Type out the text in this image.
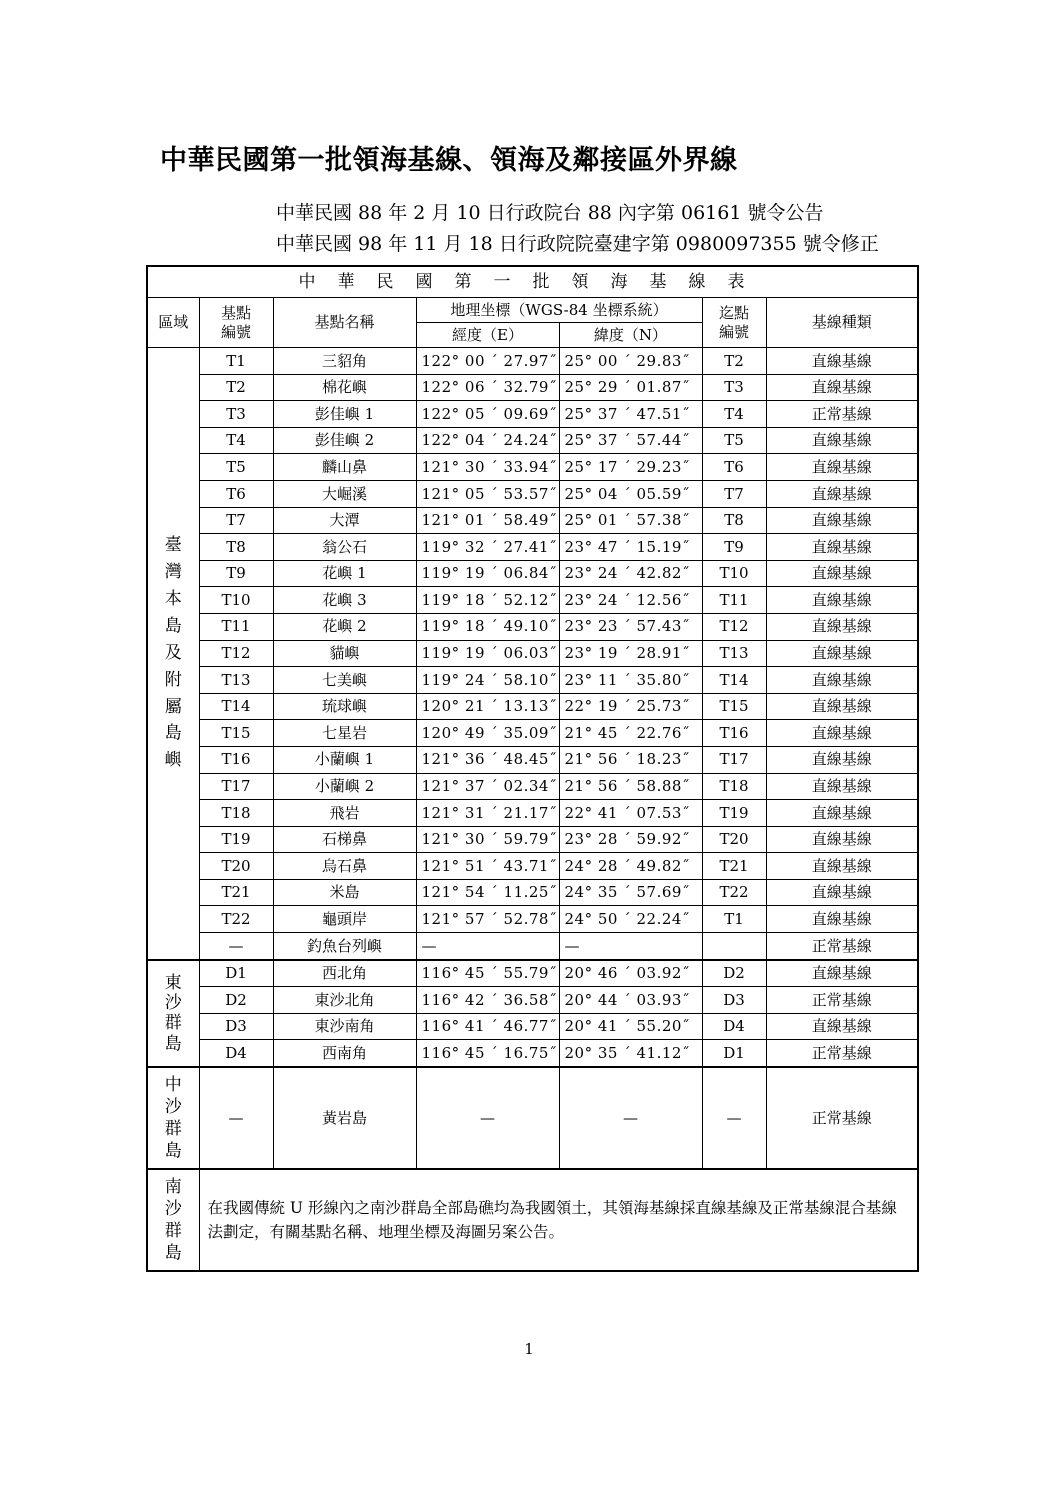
中華民國第一批領海基線、領海及鄰接區外界線
中華民國 88 年 2 月 10 日行政院台 88 內字第 06161 號令公告
中華民國 98 年 11 月 18 日行政院院臺建字第 0980097355 號令修正
中華民國第一批領海基線表						
區域	基點編號	基點名稱	地理坐標（WGS-84 坐標系統）		迄點編號	基線種類
			經度（E）	緯度（N）		
臺灣本島及附屬島嶼	T1	三貂角	122° 00 ´ 27.97˝	25° 00 ´ 29.83˝	T2	直線基線
	T2	棉花嶼	122° 06 ´ 32.79˝	25° 29 ´ 01.87˝	T3	直線基線
	T3	彭佳嶼 1	122° 05 ´ 09.69˝	25° 37 ´ 47.51˝	T4	正常基線
	T4	彭佳嶼 2	122° 04 ´ 24.24˝	25° 37 ´ 57.44˝	T5	直線基線
	T5	麟山鼻	121° 30 ´ 33.94˝	25° 17 ´ 29.23˝	T6	直線基線
	T6	大崛溪	121° 05 ´ 53.57˝	25° 04 ´ 05.59˝	T7	直線基線
	T7	大潭	121° 01 ´ 58.49˝	25° 01 ´ 57.38˝	T8	直線基線
	T8	翁公石	119° 32 ´ 27.41˝	23° 47 ´ 15.19˝	T9	直線基線
	T9	花嶼 1	119° 19 ´ 06.84˝	23° 24 ´ 42.82˝	T10	直線基線
	T10	花嶼 3	119° 18 ´ 52.12˝	23° 24 ´ 12.56˝	T11	直線基線
	T11	花嶼 2	119° 18 ´ 49.10˝	23° 23 ´ 57.43˝	T12	直線基線
	T12	貓嶼	119° 19 ´ 06.03˝	23° 19 ´ 28.91˝	T13	直線基線
	T13	七美嶼	119° 24 ´ 58.10˝	23° 11 ´ 35.80˝	T14	直線基線
	T14	琉球嶼	120° 21 ´ 13.13˝	22° 19 ´ 25.73˝	T15	直線基線
	T15	七星岩	120° 49 ´ 35.09˝	21° 45 ´ 22.76˝	T16	直線基線
	T16	小蘭嶼 1	121° 36 ´ 48.45˝	21° 56 ´ 18.23˝	T17	直線基線
	T17	小蘭嶼 2	121° 37 ´ 02.34˝	21° 56 ´ 58.88˝	T18	直線基線
	T18	飛岩	121° 31 ´ 21.17˝	22° 41 ´ 07.53˝	T19	直線基線
	T19	石梯鼻	121° 30 ´ 59.79˝	23° 28 ´ 59.92˝	T20	直線基線
	T20	烏石鼻	121° 51 ´ 43.71˝	24° 28 ´ 49.82˝	T21	直線基線
	T21	米島	121° 54 ´ 11.25˝	24° 35 ´ 57.69˝	T22	直線基線
	T22	龜頭岸	121° 57 ´ 52.78˝	24° 50 ´ 22.24˝	T1	直線基線
	—	釣魚台列嶼	—	—		正常基線
東沙群島	D1	西北角	116° 45 ´ 55.79˝	20° 46 ´ 03.92˝	D2	直線基線
	D2	東沙北角	116° 42 ´ 36.58˝	20° 44 ´ 03.93˝	D3	正常基線
	D3	東沙南角	116° 41 ´ 46.77˝	20° 41 ´ 55.20˝	D4	直線基線
	D4	西南角	116° 45 ´ 16.75˝	20° 35 ´ 41.12˝	D1	正常基線
中沙群島	—	黃岩島	—	—	—	正常基線
南沙群島	在我國傳統 U 形線內之南沙群島全部島礁均為我國領土，其領海基線採直線基線及正常基線混合基線法劃定，有關基點名稱、地理坐標及海圖另案公告。					
1
